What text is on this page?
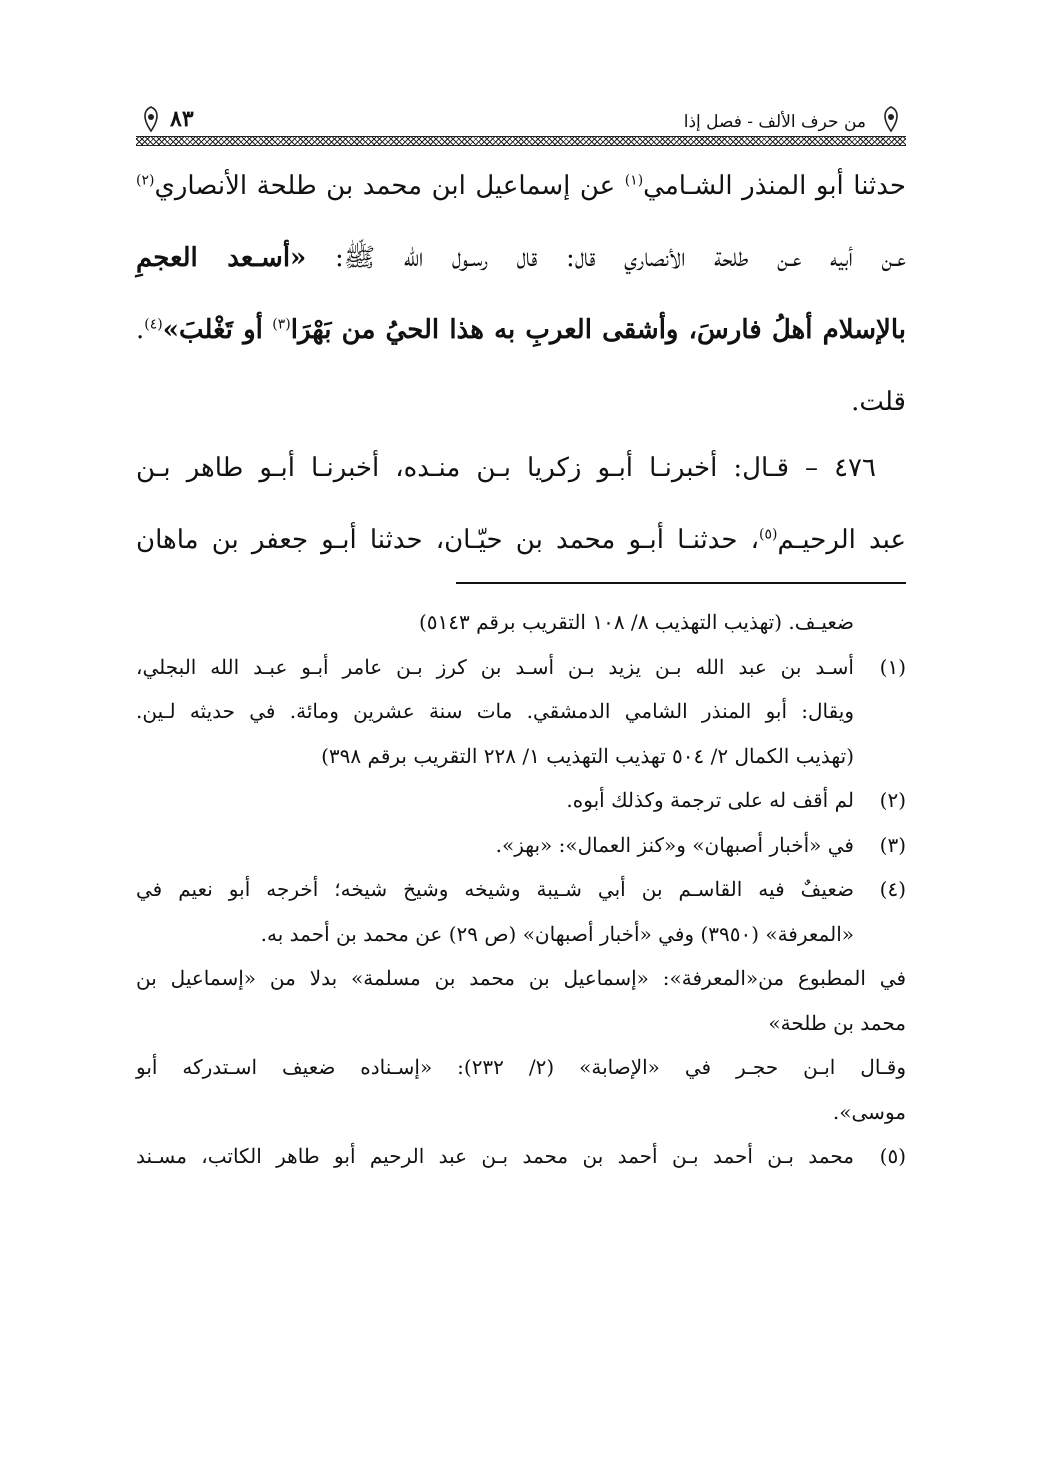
من حرف الألف - فصل إذا
٨٣
حدثنا أبو المنذر الشـامي$^{(١)}$ عن إسماعيل ابن محمد بن طلحة الأنصاري$^{(٢)}$
عـن أبيه عـن طلحة الأنصاري قال: قال رسـول الله ﷺ: «أسـعد العجمِ
بالإسلام أهلُ فارسَ، وأشقى العربِ به هذا الحيُ من بَهْرَا$^{(٣)}$ أو تَغْلبَ»$^{(٤)}$.
قلت.
٤٧٦ – قـال: أخبرنـا أبـو زكريا بـن منـده، أخبرنـا أبـو طاهر بـن
عبد الرحيـم$^{(٥)}$، حدثنـا أبـو محمد بن حيّـان، حدثنا أبـو جعفر بن ماهان
ضعيـف. (تهذيب التهذيب ٨/ ١٠٨ التقريب برقم ٥١٤٣)
(١)أسـد بن عبد الله بـن يزيد بـن أسـد بن كرز بـن عامر أبـو عبـد الله البجلي،
ويقال: أبو المنذر الشامي الدمشقي. مات سنة عشرين ومائة. في حديثه لـين.
(تهذيب الكمال ٢/ ٥٠٤ تهذيب التهذيب ١/ ٢٢٨ التقريب برقم ٣٩٨)
(٢)لم أقف له على ترجمة وكذلك أبوه.
(٣)في «أخبار أصبهان» و«كنز العمال»: «بهز».
(٤)ضعيفٌ فيه القاسـم بن أبي شـيبة وشيخه وشيخ شيخه؛ أخرجه أبو نعيم في
«المعرفة» (٣٩٥٠) وفي «أخبار أصبهان» (ص ٢٩) عن محمد بن أحمد به.
في المطبوع من«المعرفة»: «إسماعيل بن محمد بن مسلمة» بدلا من «إسماعيل بن
محمد بن طلحة»
وقـال ابـن حجـر في «الإصابة» (٢/ ٢٣٢): «إسـناده ضعيف اسـتدركه أبو
موسى».
(٥)محمد بـن أحمد بـن أحمد بن محمد بـن عبد الرحيم أبو طاهر الكاتب، مسـند
